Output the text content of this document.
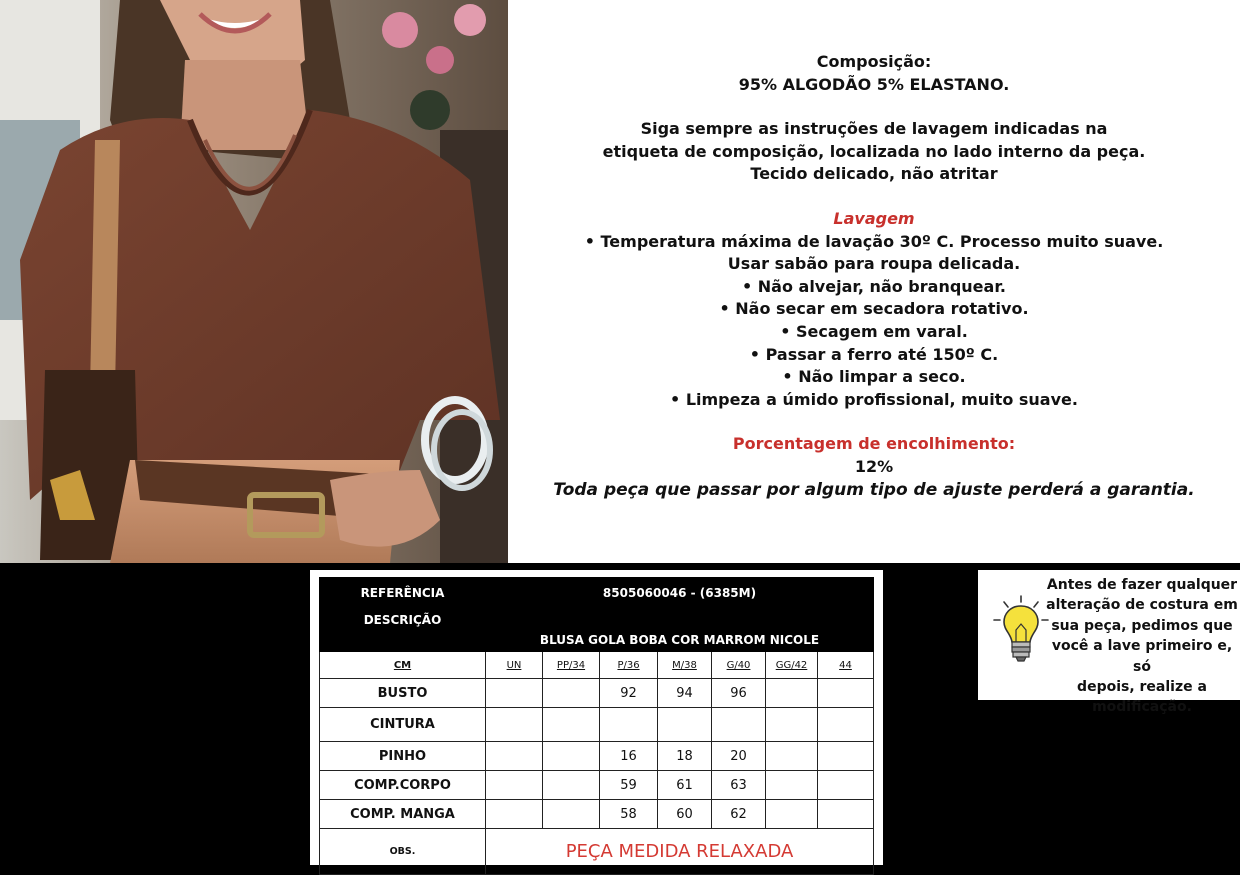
Composição:

95% ALGODÃO 5% ELASTANO.

Siga sempre as instruções de lavagem indicadas na

etiqueta de composição, localizada no lado interno da peça.

Tecido delicado, não atritar

Lavagem

• Temperatura máxima de lavação 30º C. Processo muito suave.

Usar sabão para roupa delicada.

• Não alvejar, não branquear.

• Não secar em secadora rotativo.

• Secagem em varal.

• Passar a ferro até 150º C.

• Não limpar a seco.

• Limpeza a úmido profissional, muito suave.

Porcentagem de encolhimento:

12%

Toda peça que passar por algum tipo de ajuste perderá a garantia.

REFERÊNCIA	8505060046 - (6385M)						
DESCRIÇÃO	BLUSA GOLA BOBA COR MARROM NICOLE						
CM	UN	PP/34	P/36	M/38	G/40	GG/42	44
BUSTO			92	94	96		
CINTURA							
PINHO			16	18	20		
COMP.CORPO			59	61	63		
COMP. MANGA			58	60	62		
OBS.	PEÇA MEDIDA RELAXADA						
Antes de fazer qualquer
alteração de costura em
sua peça, pedimos que
você a lave primeiro e, só
depois, realize a
modificação.
